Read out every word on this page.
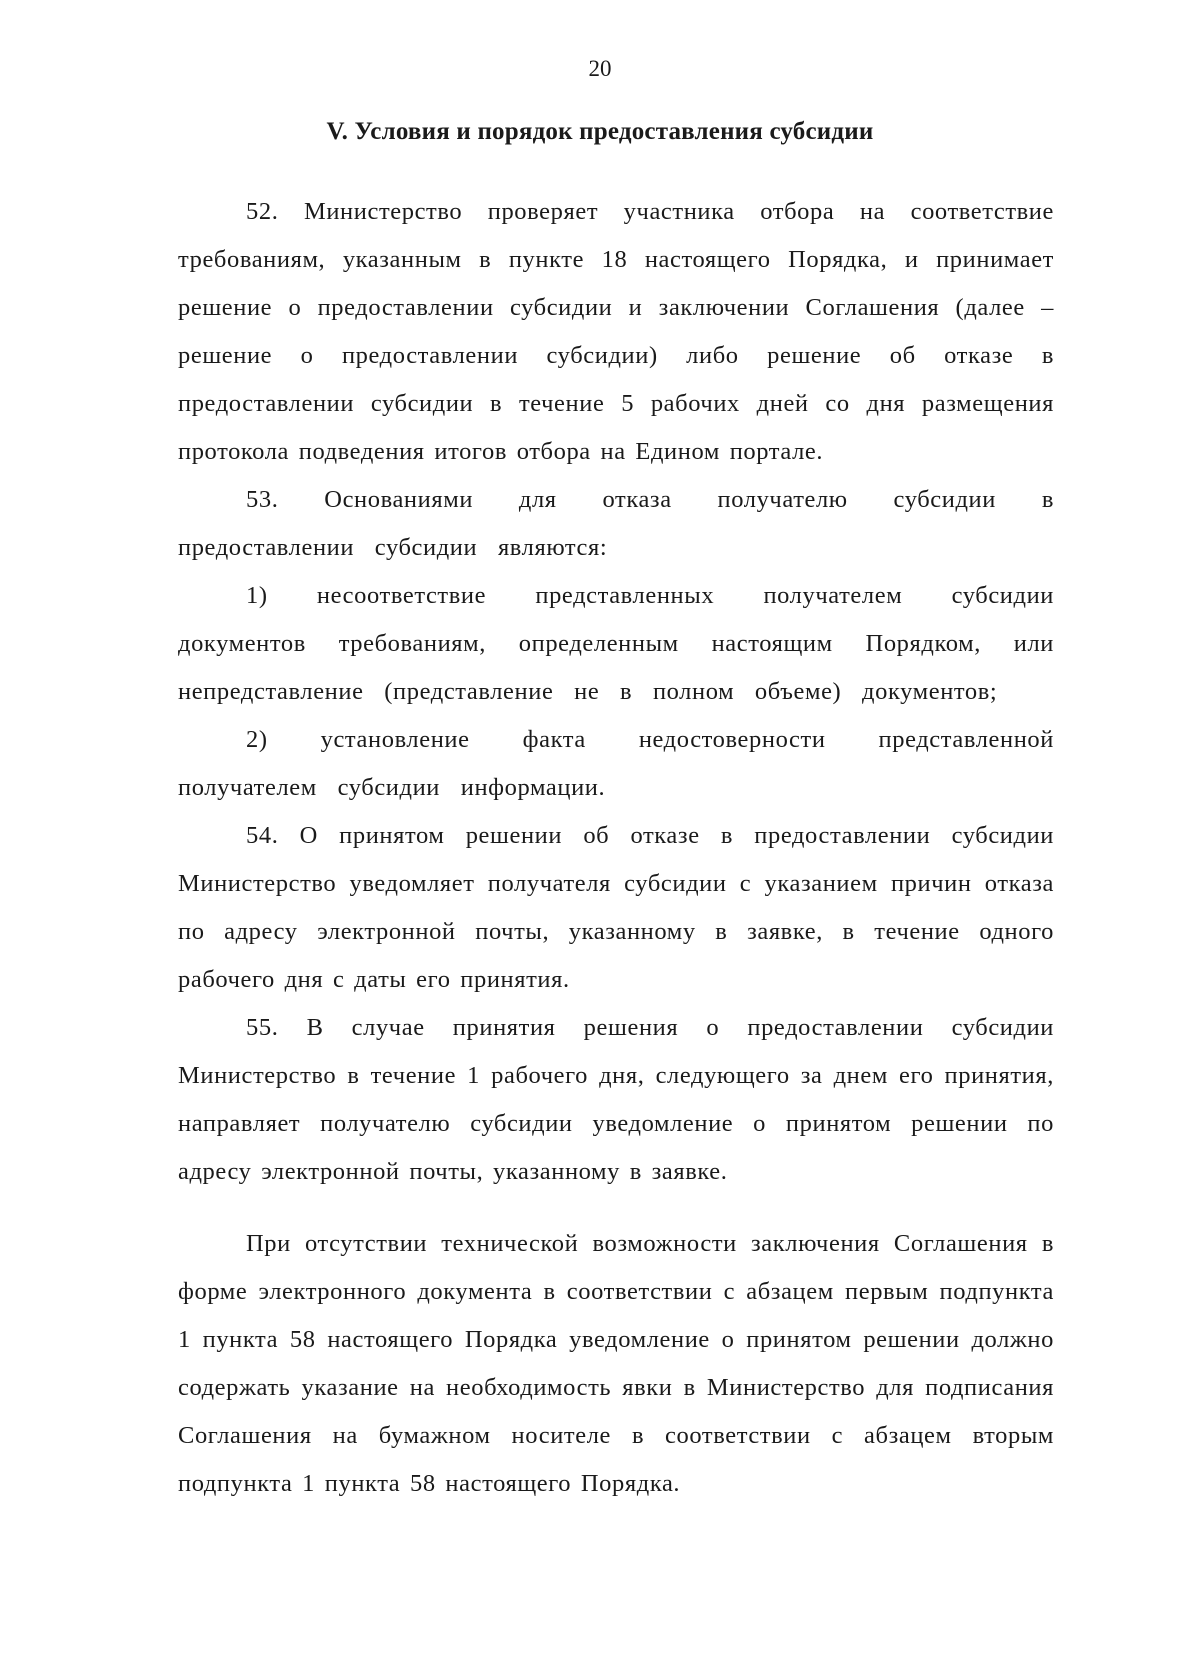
20
V. Условия и порядок предоставления субсидии

52. Министерство проверяет участника отбора на соответствие требованиям, указанным в пункте 18 настоящего Порядка, и принимает решение о предоставлении субсидии и заключении Соглашения (далее – решение о предоставлении субсидии) либо решение об отказе в предоставлении субсидии в течение 5 рабочих дней со дня размещения протокола подведения итогов отбора на Едином портале.

53. Основаниями для отказа получателю субсидии в предоставлении субсидии являются:

1) несоответствие представленных получателем субсидии документов требованиям, определенным настоящим Порядком, или непредставление (представление не в полном объеме) документов;

2) установление факта недостоверности представленной получателем субсидии информации.

54. О принятом решении об отказе в предоставлении субсидии Министерство уведомляет получателя субсидии с указанием причин отказа по адресу электронной почты, указанному в заявке, в течение одного рабочего дня с даты его принятия.

55. В случае принятия решения о предоставлении субсидии Министерство в течение 1 рабочего дня, следующего за днем его принятия, направляет получателю субсидии уведомление о принятом решении по адресу электронной почты, указанному в заявке.

При отсутствии технической возможности заключения Соглашения в форме электронного документа в соответствии с абзацем первым подпункта 1 пункта 58 настоящего Порядка уведомление о принятом решении должно содержать указание на необходимость явки в Министерство для подписания Соглашения на бумажном носителе в соответствии с абзацем вторым подпункта 1 пункта 58 настоящего Порядка.
